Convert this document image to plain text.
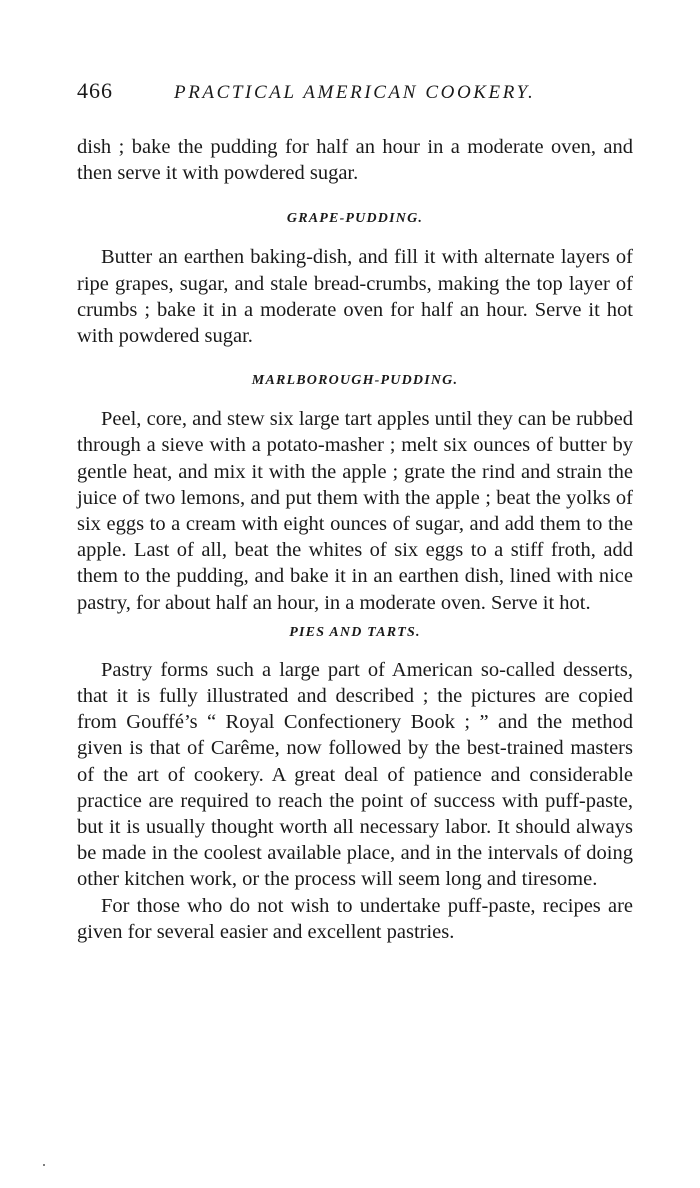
466	PRACTICAL AMERICAN COOKERY.

dish ; bake the pudding for half an hour in a moderate oven, and then serve it with powdered sugar.

GRAPE-PUDDING.

Butter an earthen baking-dish, and fill it with alternate layers of ripe grapes, sugar, and stale bread-crumbs, making the top layer of crumbs ; bake it in a moderate oven for half an hour. Serve it hot with powdered sugar.

MARLBOROUGH-PUDDING.

Peel, core, and stew six large tart apples until they can be rubbed through a sieve with a potato-masher ; melt six ounces of butter by gentle heat, and mix it with the apple ; grate the rind and strain the juice of two lemons, and put them with the apple ; beat the yolks of six eggs to a cream with eight ounces of sugar, and add them to the apple. Last of all, beat the whites of six eggs to a stiff froth, add them to the pudding, and bake it in an earthen dish, lined with nice pastry, for about half an hour, in a moderate oven. Serve it hot.

PIES AND TARTS.

Pastry forms such a large part of American so-called desserts, that it is fully illustrated and described ; the pictures are copied from Gouffé’s “ Royal Confectionery Book ; ” and the method given is that of Carême, now followed by the best-trained masters of the art of cookery. A great deal of patience and considerable practice are required to reach the point of success with puff-paste, but it is usually thought worth all necessary labor. It should always be made in the coolest available place, and in the intervals of doing other kitchen work, or the process will seem long and tiresome.

For those who do not wish to undertake puff-paste, recipes are given for several easier and excellent pastries.
